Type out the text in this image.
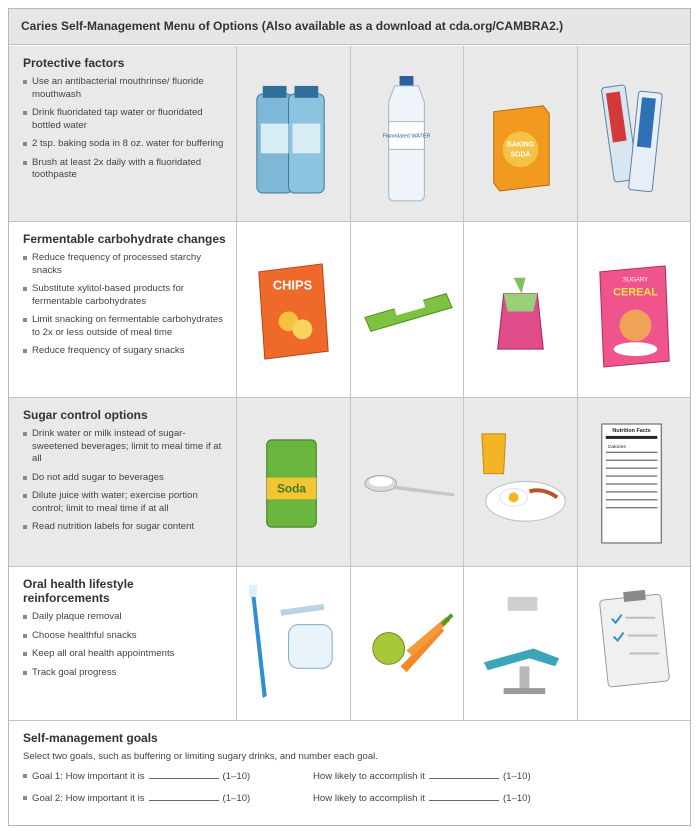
Caries Self-Management Menu of Options (Also available as a download at cda.org/CAMBRA2.)
Protective factors
Use an antibacterial mouthrinse/ fluoride mouthwash
Drink fluoridated tap water or fluoridated bottled water
2 tsp. baking soda in 8 oz. water for buffering
Brush at least 2x daily with a fluoridated toothpaste
Fluoridated WATER
BAKING
SODA
Fermentable carbohydrate changes
Reduce frequency of processed starchy snacks
Substitute xylitol-based products for fermentable carbohydrates
Limit snacking on fermentable carbohydrates to 2x or less outside of meal time
Reduce frequency of sugary snacks
CHIPS	SUGARY
CEREAL
Sugar control options
Drink water or milk instead of sugar-sweetened beverages; limit to meal time if at all
Do not add sugar to beverages
Dilute juice with water; exercise portion control; limit to meal time if at all
Read nutrition labels for sugar content
Soda
Nutrition Facts
Calories
Oral health lifestyle reinforcements
Daily plaque removal
Choose healthful snacks
Keep all oral health appointments
Track goal progress
Self-management goals
Select two goals, such as buffering or limiting sugary drinks, and number each goal.
Goal 1: How important it is	(1–10)	How likely to accomplish it	(1–10)
Goal 2: How important it is	(1–10)	How likely to accomplish it	(1–10)
